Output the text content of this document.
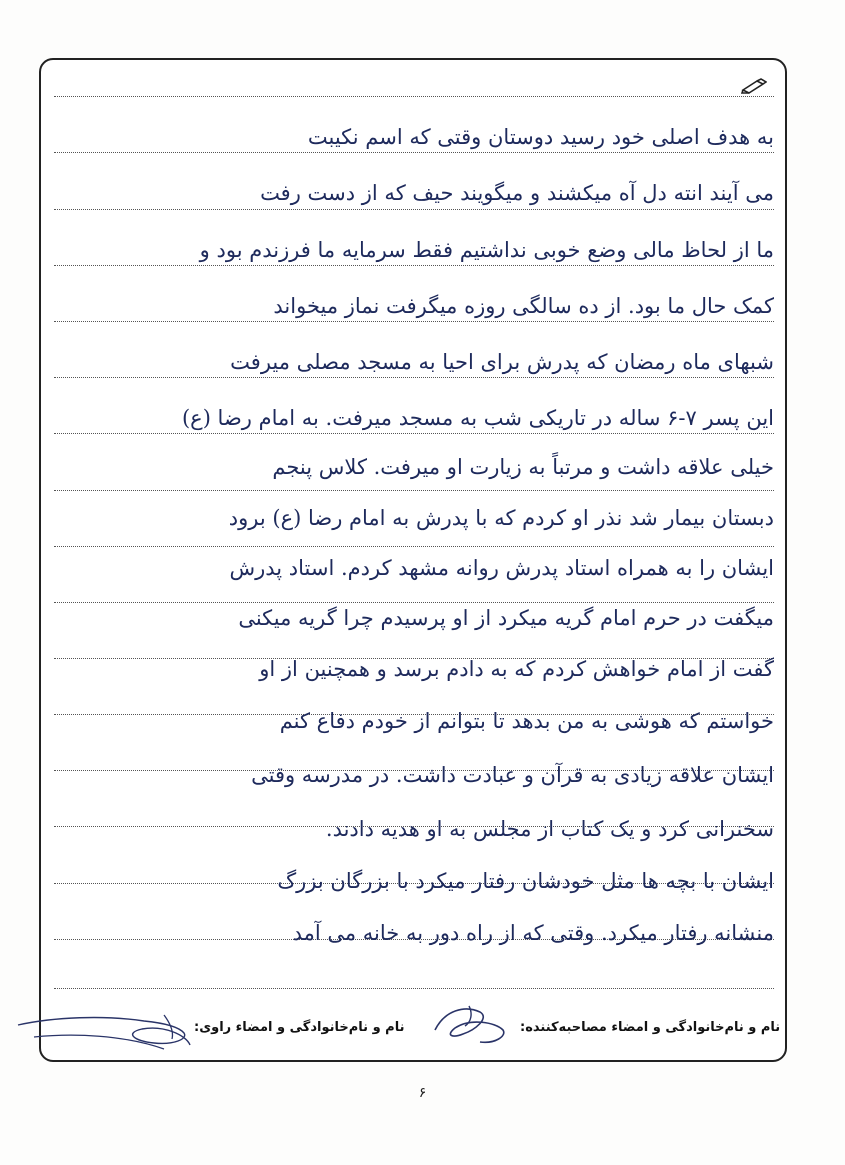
به هدف اصلی خود رسید دوستان وقتی که اسم نکیبت
می آیند انته دل آه میکشند و میگویند حیف که از دست رفت
ما از لحاظ مالی وضع خوبی نداشتیم فقط سرمایه ما فرزندم بود و
کمک حال ما بود. از ده سالگی روزه میگرفت نماز میخواند
شبهای ماه رمضان که پدرش برای احیا به مسجد مصلی میرفت
این پسر ۷-۶ ساله در تاریکی شب به مسجد میرفت. به امام رضا (ع)
خیلی علاقه داشت و مرتباً به زیارت او میرفت. کلاس پنجم
دبستان بیمار شد نذر او کردم که با پدرش به امام رضا (ع) برود
ایشان را به همراه استاد پدرش روانه مشهد کردم. استاد پدرش
میگفت در حرم امام گریه میکرد از او پرسیدم چرا گریه میکنی
گفت از امام خواهش کردم که به دادم برسد و همچنین از او
خواستم که هوشی به من بدهد تا بتوانم از خودم دفاع کنم
ایشان علاقه زیادی به قرآن و عبادت داشت. در مدرسه وقتی
سخنرانی کرد و یک کتاب از مجلس به او هدیه دادند.
ایشان با بچه ها مثل خودشان رفتار میکرد با بزرگان بزرگ
منشانه رفتار میکرد. وقتی که از راه دور به خانه می آمد
نام و نام‌خانوادگی و امضاء مصاحبه‌کننده:
نام و نام‌خانوادگی و امضاء راوی:
۶
